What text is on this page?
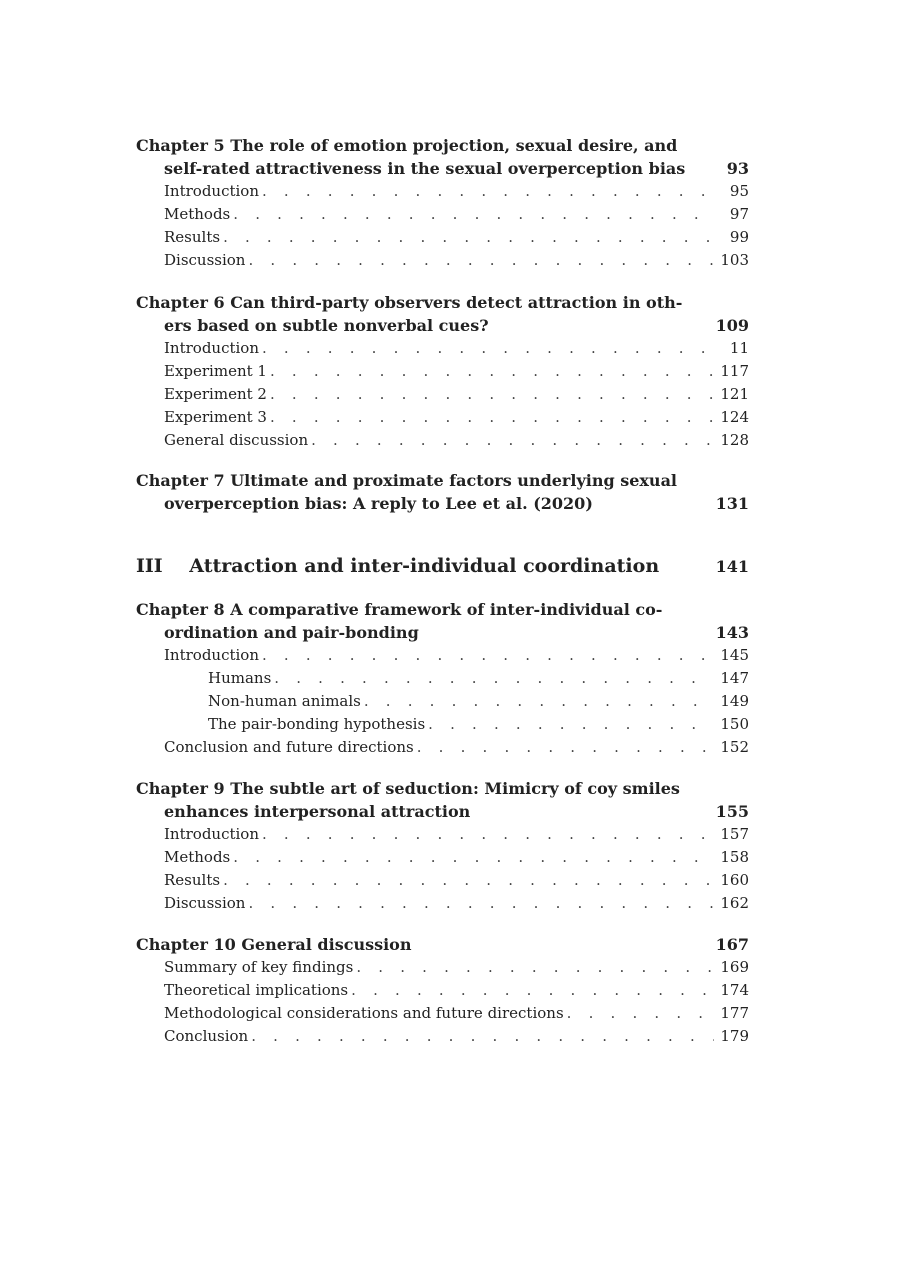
Chapter 5 The role of emotion projection, sexual desire, and
self-rated attractiveness in the sexual overperception bias	93
Introduction . . .	95
Methods . . .	97
Results . . .	99
Discussion . . .	103
Chapter 6 Can third-party observers detect attraction in oth-
ers based on subtle nonverbal cues?	109
Introduction . . .	11
Experiment 1 . . .	117
Experiment 2 . . .	121
Experiment 3 . . .	124
General discussion . . .	128
Chapter 7 Ultimate and proximate factors underlying sexual
overperception bias: A reply to Lee et al. (2020)	131
III Attraction and inter-individual coordination	141
Chapter 8 A comparative framework of inter-individual co-
ordination and pair-bonding	143
Introduction . . .	145
Humans . . .	147
Non-human animals . . .	149
The pair-bonding hypothesis . . .	150
Conclusion and future directions . . .	152
Chapter 9 The subtle art of seduction: Mimicry of coy smiles
enhances interpersonal attraction	155
Introduction . . .	157
Methods . . .	158
Results . . .	160
Discussion . . .	162
Chapter 10 General discussion	167
Summary of key findings . . .	169
Theoretical implications . . .	174
Methodological considerations and future directions . . .	177
Conclusion . . .	179
